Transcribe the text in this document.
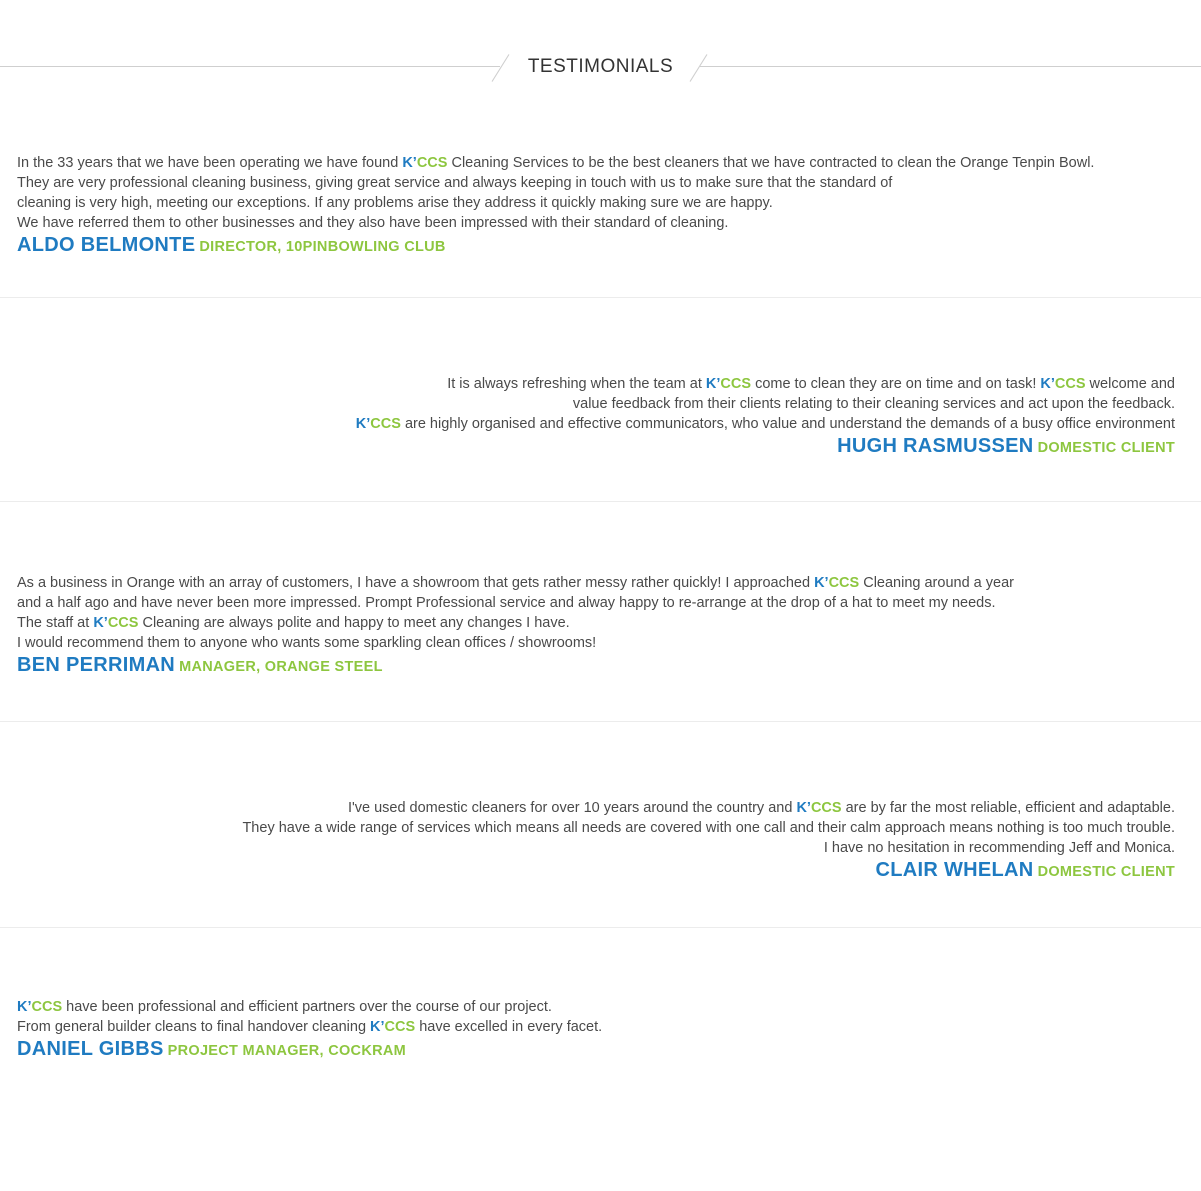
TESTIMONIALS

In the 33 years that we have been operating we have found K’CCS Cleaning Services to be the best cleaners that we have contracted to clean the Orange Tenpin Bowl.

They are very professional cleaning business, giving great service and always keeping in touch with us to make sure that the standard of

cleaning is very high, meeting our exceptions. If any problems arise they address it quickly making sure we are happy.

We have referred them to other businesses and they also have been impressed with their standard of cleaning.

ALDO BELMONTE DIRECTOR, 10PINBOWLING CLUB

It is always refreshing when the team at K’CCS come to clean they are on time and on task! K’CCS welcome and

value feedback from their clients relating to their cleaning services and act upon the feedback.

K’CCS are highly organised and effective communicators, who value and understand the demands of a busy office environment

HUGH RASMUSSEN DOMESTIC CLIENT

As a business in Orange with an array of customers, I have a showroom that gets rather messy rather quickly! I approached K’CCS Cleaning around a year

and a half ago and have never been more impressed. Prompt Professional service and alway happy to re-arrange at the drop of a hat to meet my needs.

The staff at K’CCS Cleaning are always polite and happy to meet any changes I have.

I would recommend them to anyone who wants some sparkling clean offices / showrooms!

BEN PERRIMAN MANAGER, ORANGE STEEL

I've used domestic cleaners for over 10 years around the country and K’CCS are by far the most reliable, efficient and adaptable.

They have a wide range of services which means all needs are covered with one call and their calm approach means nothing is too much trouble.

I have no hesitation in recommending Jeff and Monica.

CLAIR WHELAN DOMESTIC CLIENT

K’CCS have been professional and efficient partners over the course of our project.

From general builder cleans to final handover cleaning K’CCS have excelled in every facet.

DANIEL GIBBS PROJECT MANAGER, COCKRAM
